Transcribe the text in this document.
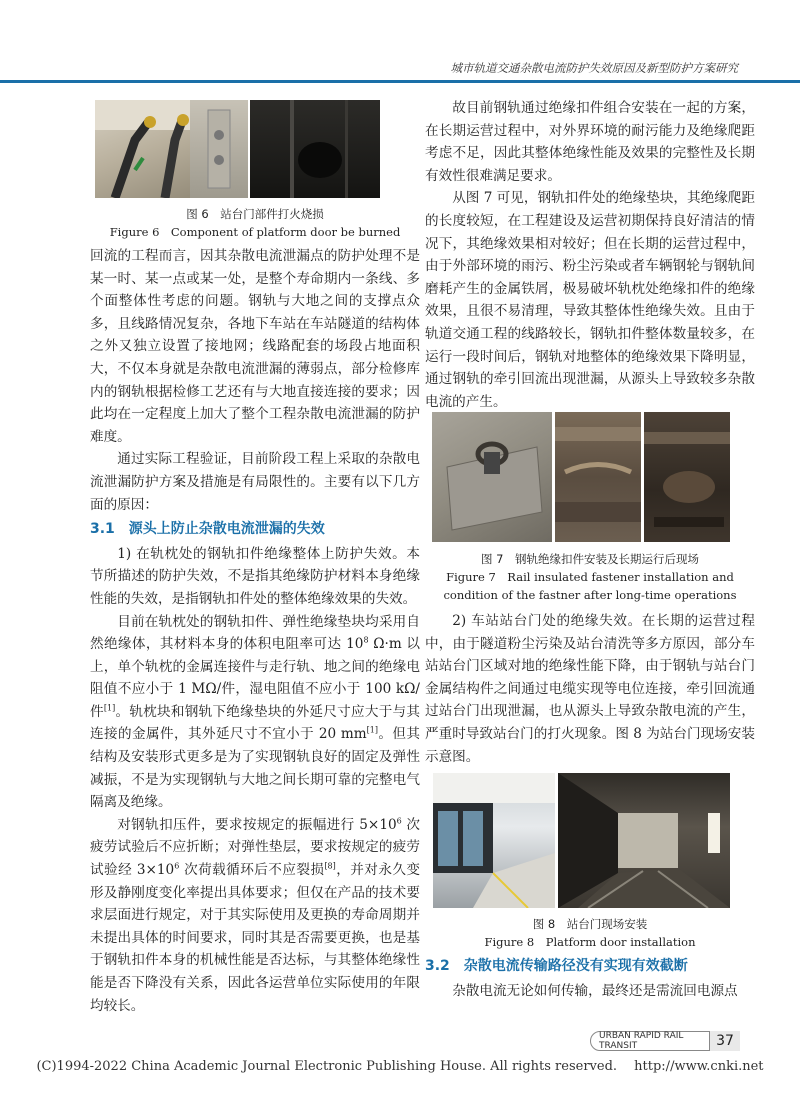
城市轨道交通杂散电流防护失效原因及新型防护方案研究
图 6　站台门部件打火烧损
Figure 6　Component of platform door be burned

回流的工程而言，因其杂散电流泄漏点的防护处理不是某一时、某一点或某一处，是整个寿命期内一条线、多个面整体性考虑的问题。钢轨与大地之间的支撑点众多，且线路情况复杂，各地下车站在车站隧道的结构体之外又独立设置了接地网；线路配套的场段占地面积大，不仅本身就是杂散电流泄漏的薄弱点，部分检修库内的钢轨根据检修工艺还有与大地直接连接的要求；因此均在一定程度上加大了整个工程杂散电流泄漏的防护难度。

通过实际工程验证，目前阶段工程上采取的杂散电流泄漏防护方案及措施是有局限性的。主要有以下几方面的原因：

3.1　源头上防止杂散电流泄漏的失效

1) 在轨枕处的钢轨扣件绝缘整体上防护失效。本节所描述的防护失效，不是指其绝缘防护材料本身绝缘性能的失效，是指钢轨扣件处的整体绝缘效果的失效。

目前在轨枕处的钢轨扣件、弹性绝缘垫块均采用自然绝缘体，其材料本身的体积电阻率可达 $10^8$ Ω·m 以上，单个轨枕的金属连接件与走行轨、地之间的绝缘电阻值不应小于 1 MΩ/件，湿电阻值不应小于 100 kΩ/件[1]。轨枕块和钢轨下绝缘垫块的外延尺寸应大于与其连接的金属件，其外延尺寸不宜小于 20 mm[1]。但其结构及安装形式更多是为了实现钢轨良好的固定及弹性减振，不是为实现钢轨与大地之间长期可靠的完整电气隔离及绝缘。

对钢轨扣压件，要求按规定的振幅进行 $5\times 10^6$ 次疲劳试验后不应折断；对弹性垫层，要求按规定的疲劳试验经 $3\times 10^6$ 次荷载循环后不应裂损[8]，并对永久变形及静刚度变化率提出具体要求；但仅在产品的技术要求层面进行规定，对于其实际使用及更换的寿命周期并未提出具体的时间要求，同时其是否需要更换，也是基于钢轨扣件本身的机械性能是否达标，与其整体绝缘性能是否下降没有关系，因此各运营单位实际使用的年限均较长。

故目前钢轨通过绝缘扣件组合安装在一起的方案，在长期运营过程中，对外界环境的耐污能力及绝缘爬距考虑不足，因此其整体绝缘性能及效果的完整性及长期有效性很难满足要求。

从图 7 可见，钢轨扣件处的绝缘垫块，其绝缘爬距的长度较短，在工程建设及运营初期保持良好清洁的情况下，其绝缘效果相对较好；但在长期的运营过程中，由于外部环境的雨污、粉尘污染或者车辆钢轮与钢轨间磨耗产生的金属铁屑，极易破坏轨枕处绝缘扣件的绝缘效果，且很不易清理，导致其整体性绝缘失效。且由于轨道交通工程的线路较长，钢轨扣件整体数量较多，在运行一段时间后，钢轨对地整体的绝缘效果下降明显，通过钢轨的牵引回流出现泄漏，从源头上导致较多杂散电流的产生。

图 7　钢轨绝缘扣件安装及长期运行后现场
Figure 7　Rail insulated fastener installation and
condition of the fastner after long-time operations

2) 车站站台门处的绝缘失效。在长期的运营过程中，由于隧道粉尘污染及站台清洗等多方原因，部分车站站台门区域对地的绝缘性能下降，由于钢轨与站台门金属结构件之间通过电缆实现等电位连接，牵引回流通过站台门出现泄漏，也从源头上导致杂散电流的产生，严重时导致站台门的打火现象。图 8 为站台门现场安装示意图。

图 8　站台门现场安装
Figure 8　Platform door installation
3.2　杂散电流传输路径没有实现有效截断

杂散电流无论如何传输，最终还是需流回电源点

URBAN RAPID RAIL TRANSIT	37
(C)1994-2022 China Academic Journal Electronic Publishing House. All rights reserved.　 http://www.cnki.net
